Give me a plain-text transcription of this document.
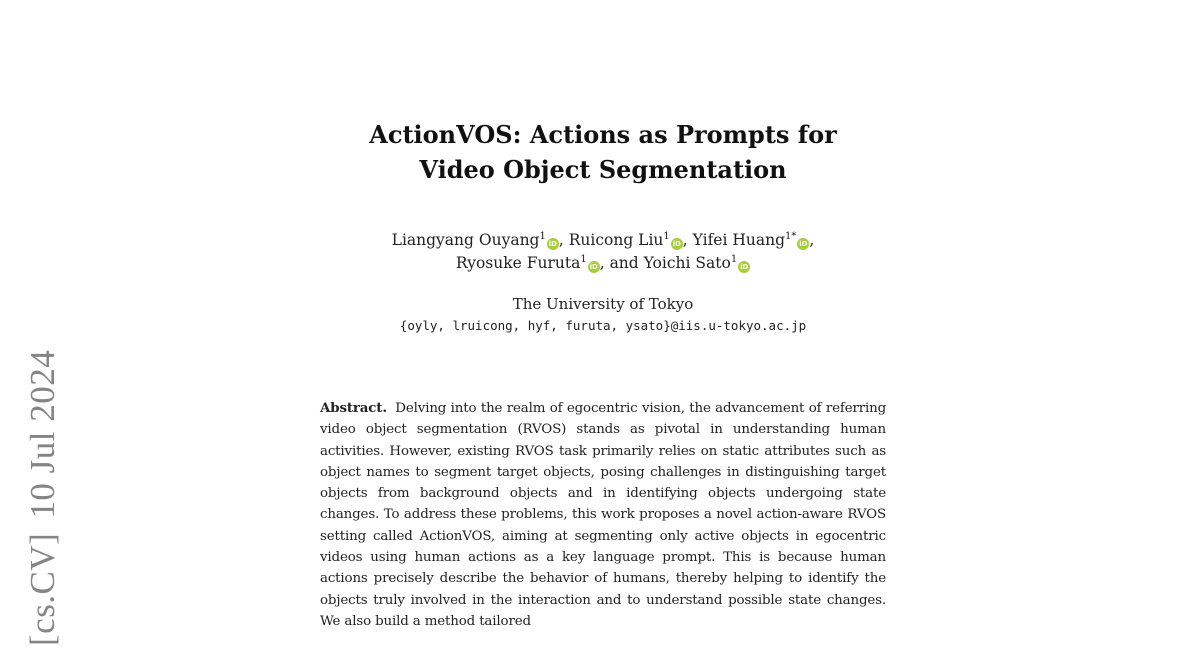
[cs.CV]10 Jul 2024
ActionVOS: Actions as Prompts for
Video Object Segmentation
Liangyang Ouyang$^1$iD , Ruicong Liu$^1$iD , Yifei Huang$^{1*}$iD ,
Ryosuke Furuta$^1$iD , and Yoichi Sato$^1$iD
The University of Tokyo
{oyly, lruicong, hyf, furuta, ysato}@iis.u-tokyo.ac.jp
Abstract. Delving into the realm of egocentric vision, the advancement of referring video object segmentation (RVOS) stands as pivotal in understanding human activities. However, existing RVOS task primarily relies on static attributes such as object names to segment target objects, posing challenges in distinguishing target objects from background objects and in identifying objects undergoing state changes. To address these problems, this work proposes a novel action-aware RVOS setting called ActionVOS, aiming at segmenting only active objects in egocentric videos using human actions as a key language prompt. This is because human actions precisely describe the behavior of humans, thereby helping to identify the objects truly involved in the interaction and to understand possible state changes. We also build a method tailored
